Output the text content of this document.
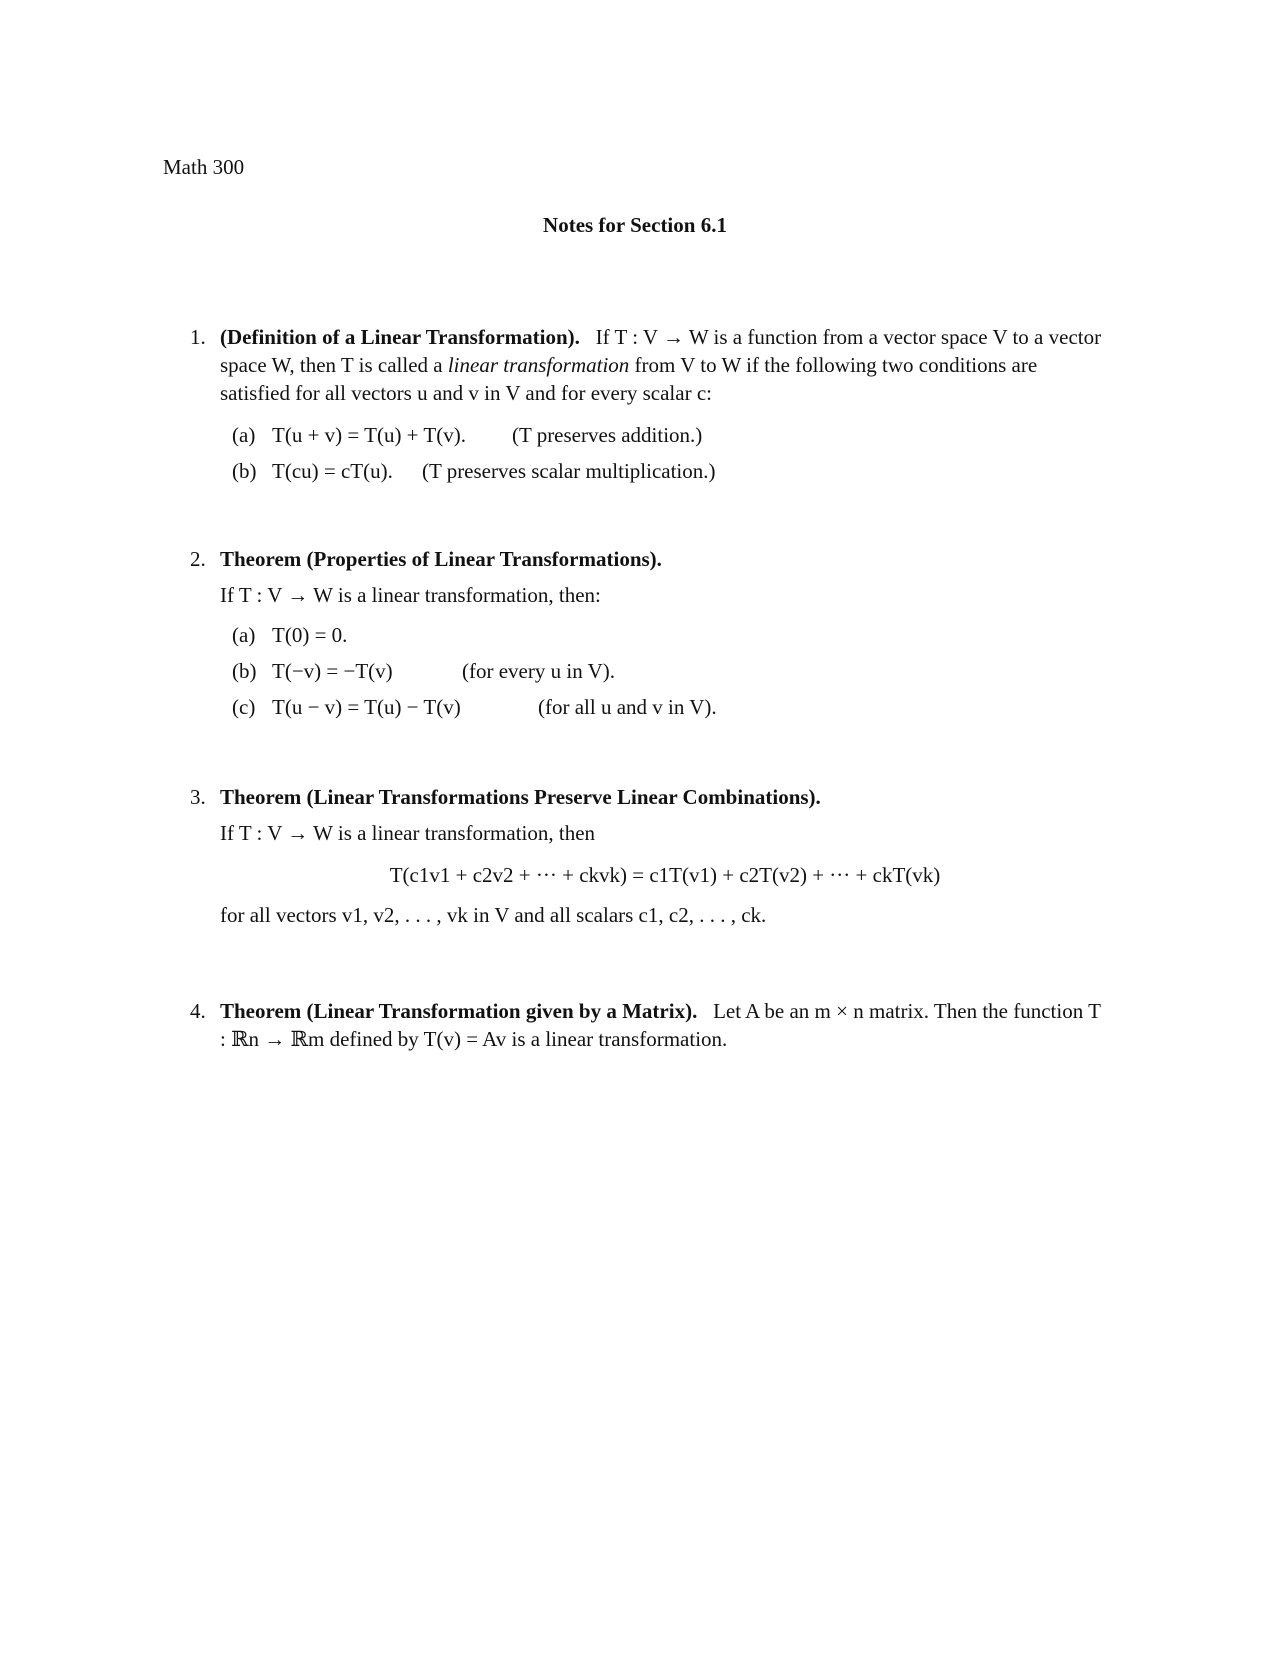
Math 300
Notes for Section 6.1
1. (Definition of a Linear Transformation). If T : V → W is a function from a vector space V to a vector space W, then T is called a linear transformation from V to W if the following two conditions are satisfied for all vectors u and v in V and for every scalar c:

(a) T(u + v) = T(u) + T(v). (T preserves addition.)
(b) T(cu) = cT(u). (T preserves scalar multiplication.)
2. Theorem (Properties of Linear Transformations).

If T : V → W is a linear transformation, then:

(a) T(0) = 0.
(b) T(−v) = −T(v)	(for every u in V).
(c) T(u − v) = T(u) − T(v)	(for all u and v in V).
3. Theorem (Linear Transformations Preserve Linear Combinations).

If T : V → W is a linear transformation, then

T(c1v1 + c2v2 + ··· + ckvk) = c1T(v1) + c2T(v2) + ··· + ckT(vk)

for all vectors v1, v2, . . . , vk in V and all scalars c1, c2, . . . , ck.

4. Theorem (Linear Transformation given by a Matrix). Let A be an m × n matrix. Then the function T : ℝn → ℝm defined by T(v) = Av is a linear transformation.
